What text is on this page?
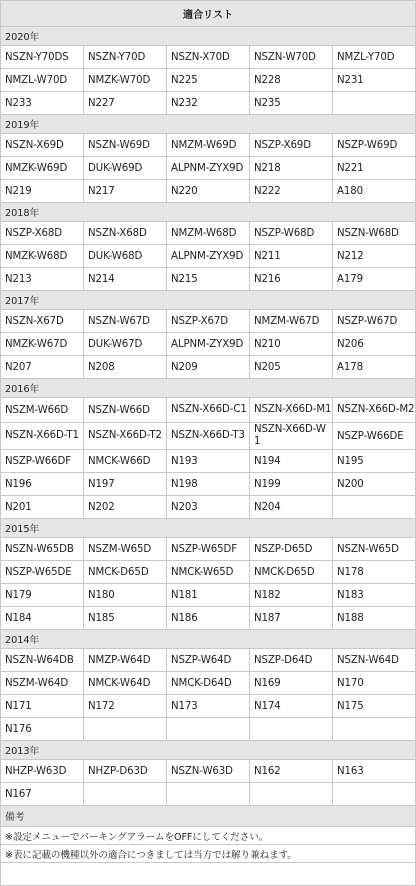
適合リスト				
2020年				
NSZN-Y70DS	NSZN-Y70D	NSZN-X70D	NSZN-W70D	NMZL-Y70D
NMZL-W70D	NMZK-W70D	N225	N228	N231
N233	N227	N232	N235	
2019年				
NSZN-X69D	NSZN-W69D	NMZM-W69D	NSZP-X69D	NSZP-W69D
NMZK-W69D	DUK-W69D	ALPNM-ZYX9D	N218	N221
N219	N217	N220	N222	A180
2018年				
NSZP-X68D	NSZN-X68D	NMZM-W68D	NSZP-W68D	NSZN-W68D
NMZK-W68D	DUK-W68D	ALPNM-ZYX9D	N211	N212
N213	N214	N215	N216	A179
2017年				
NSZN-X67D	NSZN-W67D	NSZP-X67D	NMZM-W67D	NSZP-W67D
NMZK-W67D	DUK-W67D	ALPNM-ZYX9D	N210	N206
N207	N208	N209	N205	A178
2016年				
NSZM-W66D	NSZN-W66D	NSZN-X66D-C1	NSZN-X66D-M1	NSZN-X66D-M2
NSZN-X66D-T1	NSZN-X66D-T2	NSZN-X66D-T3	NSZN-X66D-W1	NSZP-W66DE
NSZP-W66DF	NMCK-W66D	N193	N194	N195
N196	N197	N198	N199	N200
N201	N202	N203	N204	
2015年				
NSZN-W65DB	NSZM-W65D	NSZP-W65DF	NSZP-D65D	NSZN-W65D
NSZP-W65DE	NMCK-D65D	NMCK-W65D	NMCK-D65D	N178
N179	N180	N181	N182	N183
N184	N185	N186	N187	N188
2014年				
NSZN-W64DB	NMZP-W64D	NSZP-W64D	NSZP-D64D	NSZN-W64D
NSZM-W64D	NMCK-W64D	NMCK-D64D	N169	N170
N171	N172	N173	N174	N175
N176				
2013年				
NHZP-W63D	NHZP-D63D	NSZN-W63D	N162	N163
N167				
備考				
※設定メニューでパーキングアラームをOFFにしてください。				
※表に記載の機種以外の適合につきましては当方では解り兼ねます。				
